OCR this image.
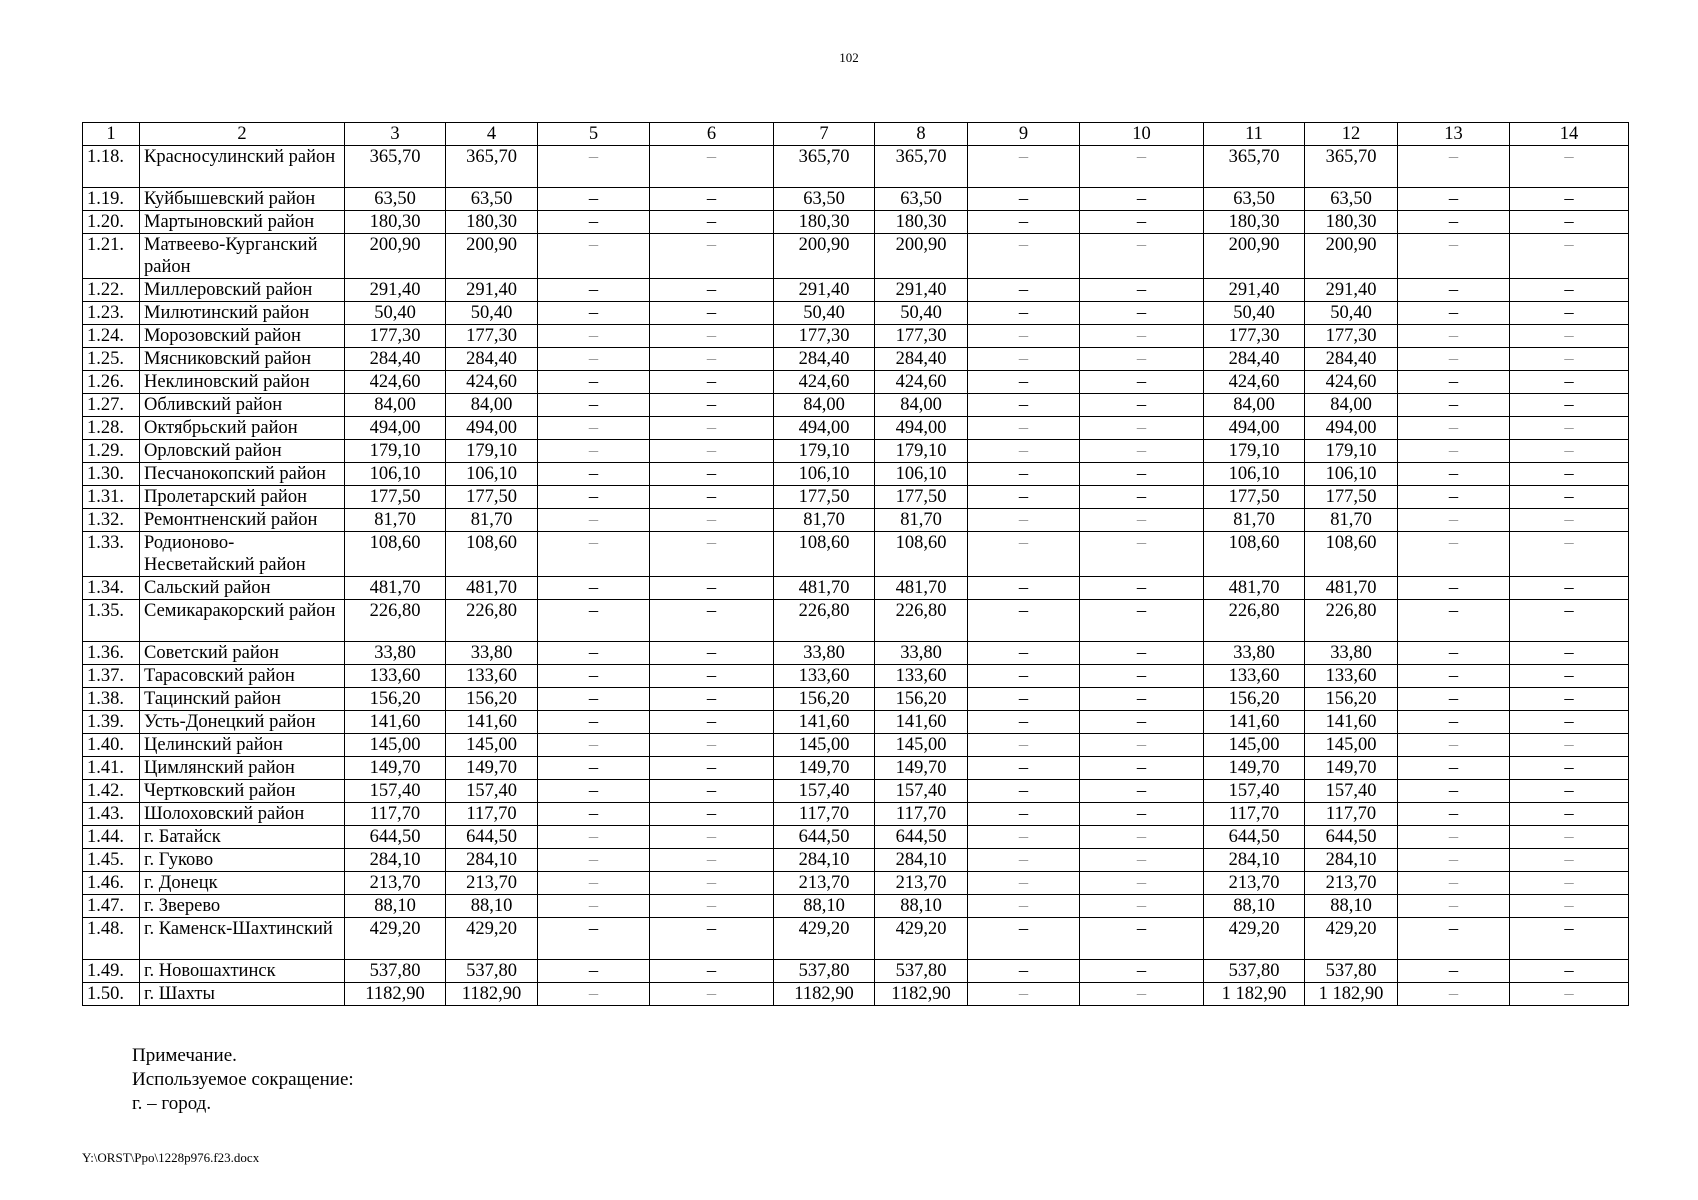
102
1	2	3	4	5	6	7	8	9	10	11	12	13	14
1.18.	Красносулинский район	365,70	365,70	–	–	365,70	365,70	–	–	365,70	365,70	–	–
1.19.	Куйбышевский район	63,50	63,50	–	–	63,50	63,50	–	–	63,50	63,50	–	–
1.20.	Мартыновский район	180,30	180,30	–	–	180,30	180,30	–	–	180,30	180,30	–	–
1.21.	Матвеево-Курганский район	200,90	200,90	–	–	200,90	200,90	–	–	200,90	200,90	–	–
1.22.	Миллеровский район	291,40	291,40	–	–	291,40	291,40	–	–	291,40	291,40	–	–
1.23.	Милютинский район	50,40	50,40	–	–	50,40	50,40	–	–	50,40	50,40	–	–
1.24.	Морозовский район	177,30	177,30	–	–	177,30	177,30	–	–	177,30	177,30	–	–
1.25.	Мясниковский район	284,40	284,40	–	–	284,40	284,40	–	–	284,40	284,40	–	–
1.26.	Неклиновский район	424,60	424,60	–	–	424,60	424,60	–	–	424,60	424,60	–	–
1.27.	Обливский район	84,00	84,00	–	–	84,00	84,00	–	–	84,00	84,00	–	–
1.28.	Октябрьский район	494,00	494,00	–	–	494,00	494,00	–	–	494,00	494,00	–	–
1.29.	Орловский район	179,10	179,10	–	–	179,10	179,10	–	–	179,10	179,10	–	–
1.30.	Песчанокопский район	106,10	106,10	–	–	106,10	106,10	–	–	106,10	106,10	–	–
1.31.	Пролетарский район	177,50	177,50	–	–	177,50	177,50	–	–	177,50	177,50	–	–
1.32.	Ремонтненский район	81,70	81,70	–	–	81,70	81,70	–	–	81,70	81,70	–	–
1.33.	Родионово-Несветайский район	108,60	108,60	–	–	108,60	108,60	–	–	108,60	108,60	–	–
1.34.	Сальский район	481,70	481,70	–	–	481,70	481,70	–	–	481,70	481,70	–	–
1.35.	Семикаракорский район	226,80	226,80	–	–	226,80	226,80	–	–	226,80	226,80	–	–
1.36.	Советский район	33,80	33,80	–	–	33,80	33,80	–	–	33,80	33,80	–	–
1.37.	Тарасовский район	133,60	133,60	–	–	133,60	133,60	–	–	133,60	133,60	–	–
1.38.	Тацинский район	156,20	156,20	–	–	156,20	156,20	–	–	156,20	156,20	–	–
1.39.	Усть-Донецкий район	141,60	141,60	–	–	141,60	141,60	–	–	141,60	141,60	–	–
1.40.	Целинский район	145,00	145,00	–	–	145,00	145,00	–	–	145,00	145,00	–	–
1.41.	Цимлянский район	149,70	149,70	–	–	149,70	149,70	–	–	149,70	149,70	–	–
1.42.	Чертковский район	157,40	157,40	–	–	157,40	157,40	–	–	157,40	157,40	–	–
1.43.	Шолоховский район	117,70	117,70	–	–	117,70	117,70	–	–	117,70	117,70	–	–
1.44.	г. Батайск	644,50	644,50	–	–	644,50	644,50	–	–	644,50	644,50	–	–
1.45.	г. Гуково	284,10	284,10	–	–	284,10	284,10	–	–	284,10	284,10	–	–
1.46.	г. Донецк	213,70	213,70	–	–	213,70	213,70	–	–	213,70	213,70	–	–
1.47.	г. Зверево	88,10	88,10	–	–	88,10	88,10	–	–	88,10	88,10	–	–
1.48.	г. Каменск-Шахтинский	429,20	429,20	–	–	429,20	429,20	–	–	429,20	429,20	–	–
1.49.	г. Новошахтинск	537,80	537,80	–	–	537,80	537,80	–	–	537,80	537,80	–	–
1.50.	г. Шахты	1182,90	1182,90	–	–	1182,90	1182,90	–	–	1 182,90	1 182,90	–	–
Примечание.
Используемое сокращение:
г. – город.
Y:\ORST\Ppo\1228p976.f23.docx
